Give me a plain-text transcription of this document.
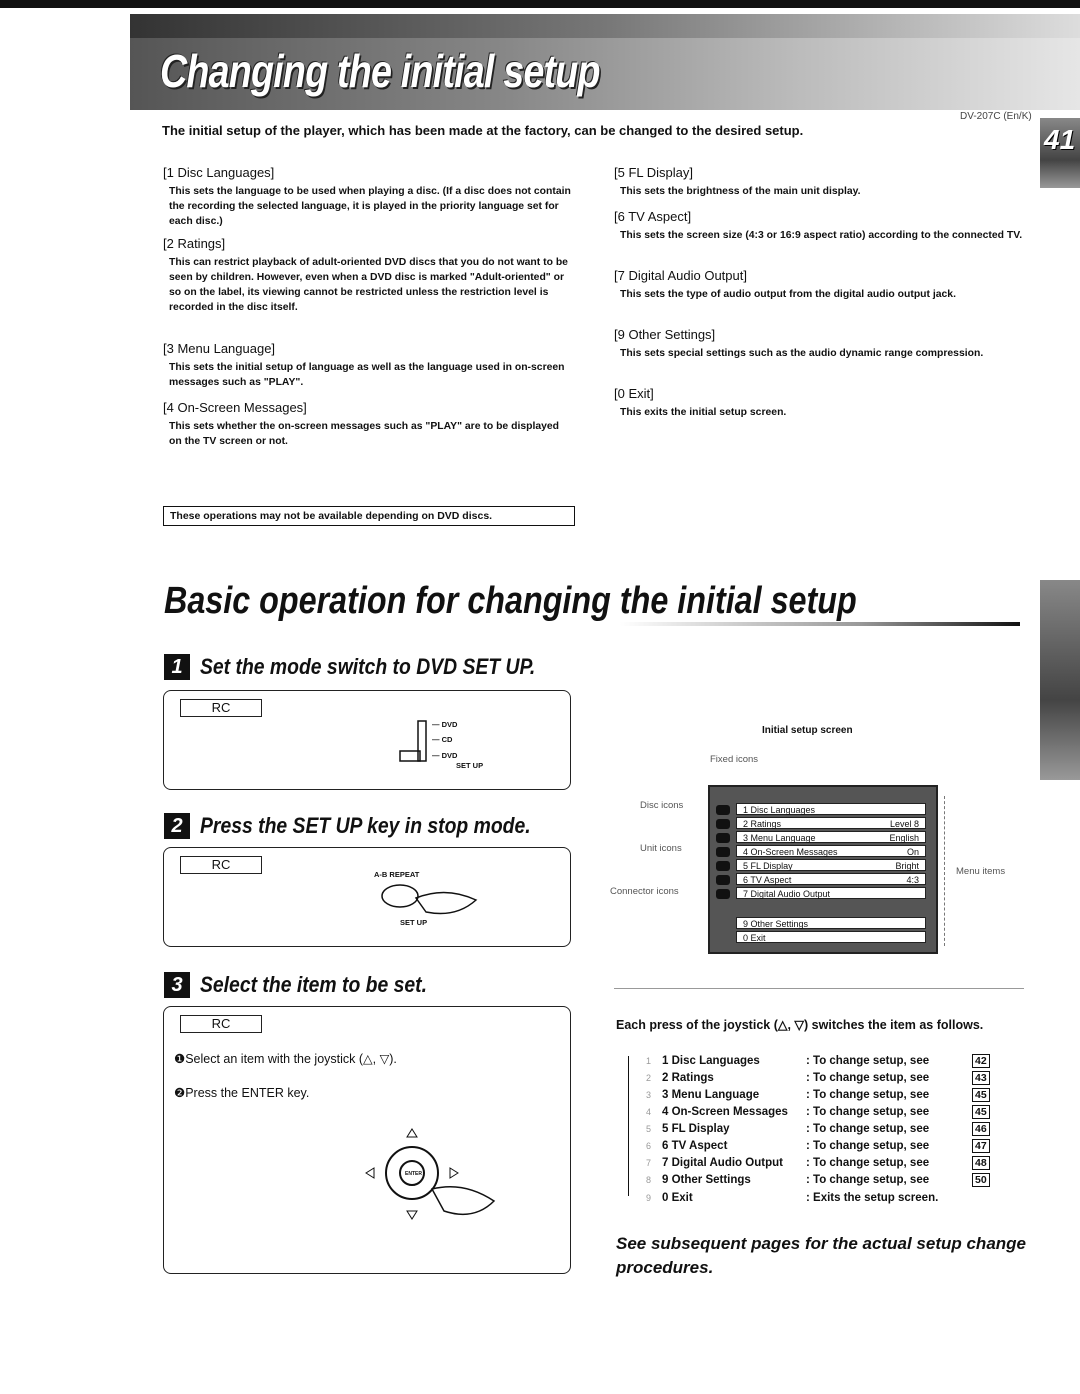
Changing the initial setup
DV-207C (En/K)
The initial setup of the player, which has been made at the factory, can be changed to the desired setup.	41
[1 Disc Languages]

This sets the language to be used when playing a disc. (If a disc does not contain the recording the selected language, it is played in the priority language set for each disc.)

[2 Ratings]

This can restrict playback of adult-oriented DVD discs that you do not want to be seen by children. However, even when a DVD disc is marked "Adult-oriented" or so on the label, its viewing cannot be restricted unless the restriction level is recorded in the disc itself.

[3 Menu Language]

This sets the initial setup of language as well as the language used in on-screen messages such as "PLAY".

[4 On-Screen Messages]

This sets whether the on-screen messages such as "PLAY" are to be displayed on the TV screen or not.

[5 FL Display]

This sets the brightness of the main unit display.

[6 TV Aspect]

This sets the screen size (4:3 or 16:9 aspect ratio) according to the connected TV.

[7 Digital Audio Output]

This sets the type of audio output from the digital audio output jack.

[9 Other Settings]

This sets special settings such as the audio dynamic range compression.

[0 Exit]

This exits the initial setup screen.

These operations may not be available depending on DVD discs.
Basic operation for changing the initial setup
1 Set the mode switch to DVD SET UP.
RC
— DVD
— CD
— DVD
SET UP
2 Press the SET UP key in stop mode.
RC
A-B REPEAT
SET UP
3 Select the item to be set.
RC
❶Select an item with the joystick (△, ▽).
❷Press the ENTER key.
ENTER
Initial setup screen
Fixed icons
Disc icons
Unit icons
Connector icons
Menu items
1 Disc Languages
2 Ratings	Level 8
3 Menu Language	English
4 On-Screen Messages	On
5 FL Display	Bright
6 TV Aspect	4:3
7 Digital Audio Output
9 Other Settings
0 Exit
Each press of the joystick (△, ▽) switches the item as follows.
1 1 Disc Languages	: To change setup, see	42
2 2 Ratings	: To change setup, see	43
3 3 Menu Language	: To change setup, see	45
4 4 On-Screen Messages	: To change setup, see	45
5 5 FL Display	: To change setup, see	46
6 6 TV Aspect	: To change setup, see	47
7 7 Digital Audio Output	: To change setup, see	48
8 9 Other Settings	: To change setup, see	50
9 0 Exit	: Exits the setup screen.
See subsequent pages for the actual setup change procedures.
